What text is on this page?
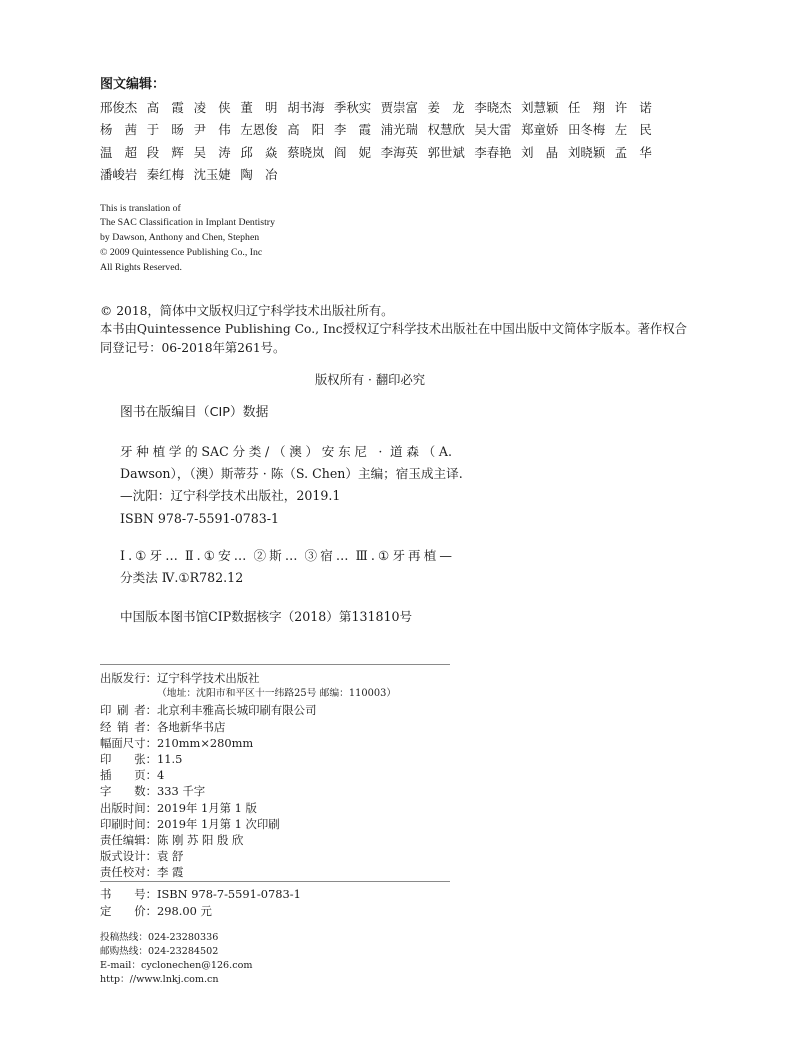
图文编辑：
邢俊杰 高 霞 凌 侠 董 明 胡书海 季秋实 贾崇富 姜 龙 李晓杰 刘慧颖 任 翔 许 诺
杨 茜 于 旸 尹 伟 左恩俊 高 阳 李 霞 浦光瑞 权慧欣 吴大雷 郑童娇 田冬梅 左 民
温 超 段 辉 吴 涛 邱 焱 蔡晓岚 阎 妮 李海英 郭世斌 李春艳 刘 晶 刘晓颖 孟 华
潘峻岩 秦红梅 沈玉婕 陶 冶
This is translation of
The SAC Classification in Implant Dentistry
by Dawson, Anthony and Chen, Stephen
© 2009 Quintessence Publishing Co., Inc
All Rights Reserved.
© 2018，简体中文版权归辽宁科学技术出版社所有。
本书由Quintessence Publishing Co., Inc授权辽宁科学技术出版社在中国出版中文简体字版本。著作权合
同登记号：06-2018年第261号。
版权所有 · 翻印必究
图书在版编目（CIP）数据
牙种植学的SAC分类/（澳）安东尼 · 道森（A.
Dawson），（澳）斯蒂芬 · 陈（S. Chen）主编；宿玉成主译.
—沈阳：辽宁科学技术出版社，2019.1
ISBN 978-7-5591-0783-1
Ⅰ.①牙… Ⅱ.①安… ②斯… ③宿… Ⅲ.①牙再植—
分类法 Ⅳ.①R782.12
中国版本图书馆CIP数据核字（2018）第131810号
出版发行：辽宁科学技术出版社
（地址：沈阳市和平区十一纬路25号 邮编：110003）
印 刷 者：北京利丰雅高长城印刷有限公司
经 销 者：各地新华书店
幅面尺寸：210mm×280mm
印 张：11.5
插 页：4
字 数：333 千字
出版时间：2019年 1月第 1 版
印刷时间：2019年 1月第 1 次印刷
责任编辑：陈 刚 苏 阳 殷 欣
版式设计：袁 舒
责任校对：李 霞
书 号：ISBN 978-7-5591-0783-1
定 价：298.00 元
投稿热线：024-23280336
邮购热线：024-23284502
E-mail：cyclonechen@126.com
http：//www.lnkj.com.cn
